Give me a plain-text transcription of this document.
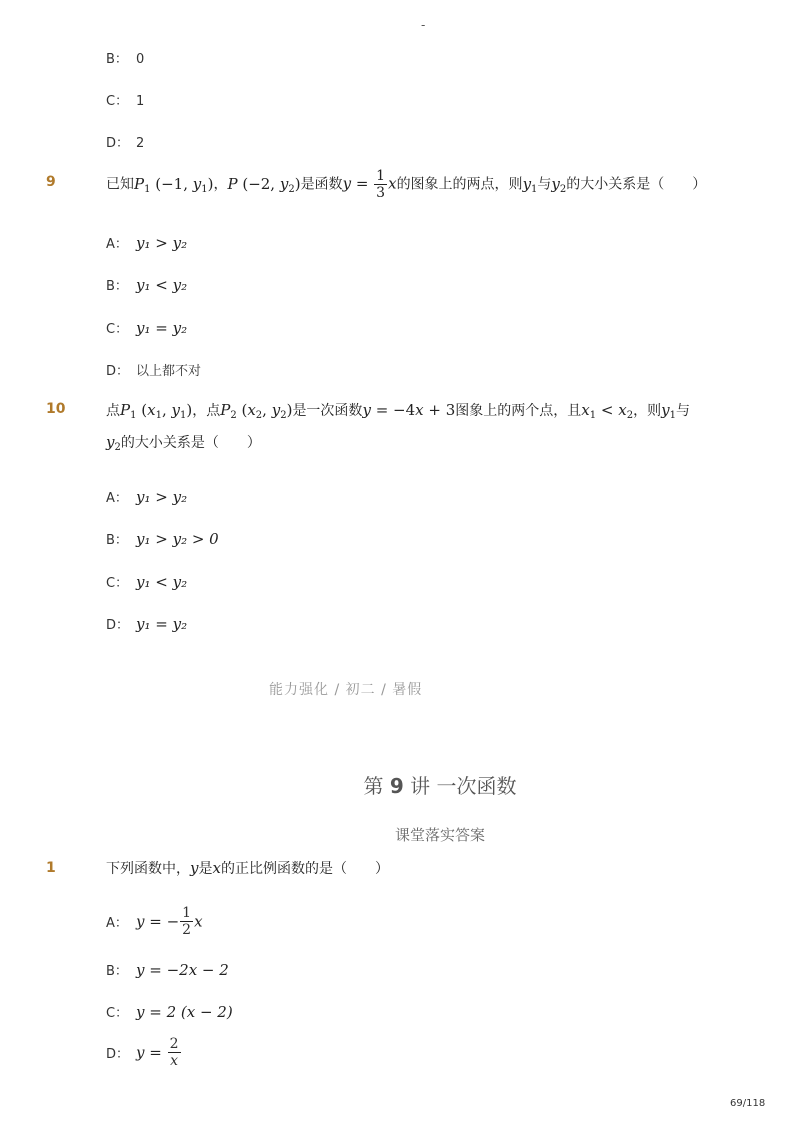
-
B： 0
C： 1
D： 2
9	已知$P_1$ (−1, $y_1$)，P (−2, $y_2$)是函数$y = \frac{1}{3}$ x的图象上的两点，则$y_1$与$y_2$的大小关系是（　　）
A： y₁ > y₂
B： y₁ < y₂
C： y₁ = y₂
D： 以上都不对
10	点$P_1$ ($x_1$, $y_1$)，点$P_2$ ($x_2$, $y_2$)是一次函数y = −4x + 3图象上的两个点，且$x_1 < x_2$，则$y_1$与
$y_2$的大小关系是（　　）
A： y₁ > y₂
B： y₁ > y₂ > 0
C： y₁ < y₂
D： y₁ = y₂
能力强化 / 初二 / 暑假
第 9 讲 一次函数
课堂落实答案
1	下列函数中，y是x的正比例函数的是（　　）
A： y = − $\frac{1}{2}$ x
B： y = −2x − 2
C： y = 2 (x − 2)
D： $y = \frac{2}{x}$
69/118
